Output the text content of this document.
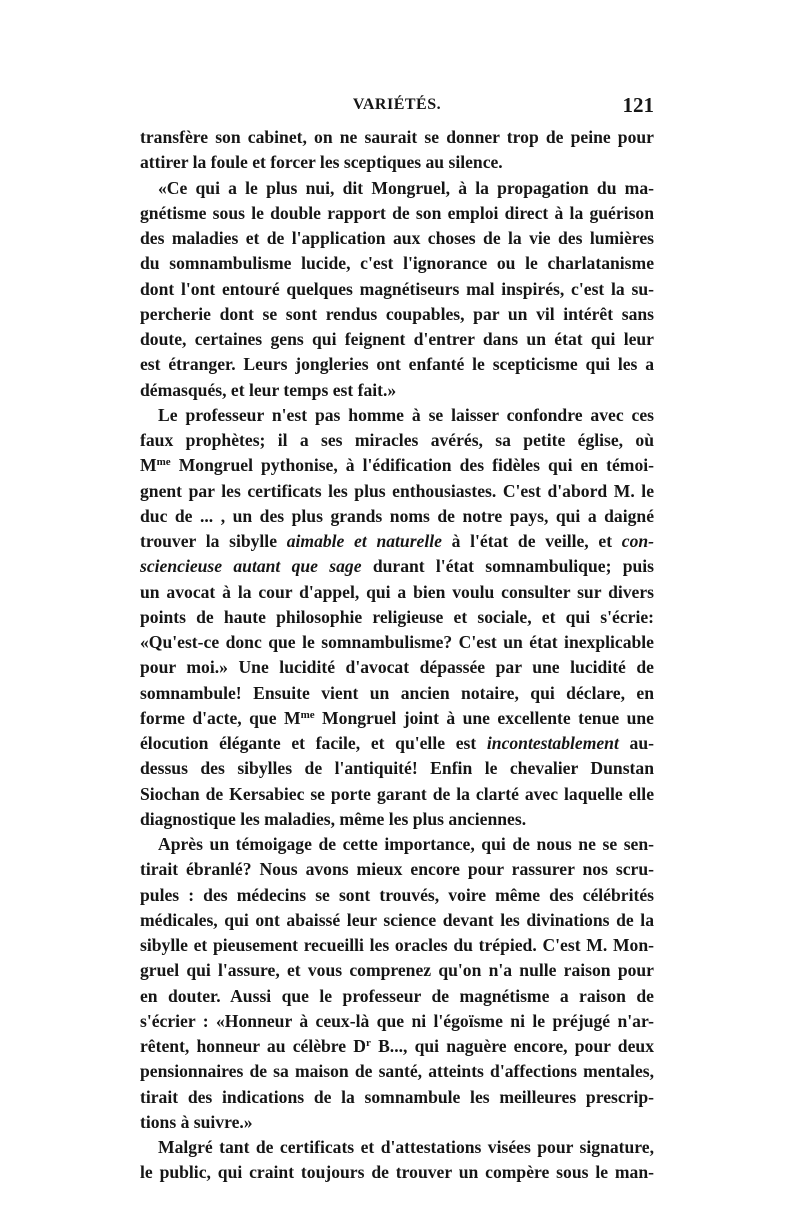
VARIÉTÉS.	121
transfère son cabinet, on ne saurait se donner trop de peine pour
attirer la foule et forcer les sceptiques au silence.
«Ce qui a le plus nui, dit Mongruel, à la propagation du ma-
gnétisme sous le double rapport de son emploi direct à la guérison
des maladies et de l'application aux choses de la vie des lumières
du somnambulisme lucide, c'est l'ignorance ou le charlatanisme
dont l'ont entouré quelques magnétiseurs mal inspirés, c'est la su-
percherie dont se sont rendus coupables, par un vil intérêt sans
doute, certaines gens qui feignent d'entrer dans un état qui leur
est étranger. Leurs jongleries ont enfanté le scepticisme qui les a
démasqués, et leur temps est fait.»
Le professeur n'est pas homme à se laisser confondre avec ces
faux prophètes; il a ses miracles avérés, sa petite église, où
$M^{me}$ Mongruel pythonise, à l'édification des fidèles qui en témoi-
gnent par les certificats les plus enthousiastes. C'est d'abord M. le
duc de ... , un des plus grands noms de notre pays, qui a daigné
trouver la sibylle aimable et naturelle à l'état de veille, et con-
sciencieuse autant que sage durant l'état somnambulique; puis
un avocat à la cour d'appel, qui a bien voulu consulter sur divers
points de haute philosophie religieuse et sociale, et qui s'écrie:
«Qu'est-ce donc que le somnambulisme? C'est un état inexplicable
pour moi.» Une lucidité d'avocat dépassée par une lucidité de
somnambule! Ensuite vient un ancien notaire, qui déclare, en
forme d'acte, que $M^{me}$ Mongruel joint à une excellente tenue une
élocution élégante et facile, et qu'elle est incontestablement au-
dessus des sibylles de l'antiquité! Enfin le chevalier Dunstan
Siochan de Kersabiec se porte garant de la clarté avec laquelle elle
diagnostique les maladies, même les plus anciennes.
Après un témoigage de cette importance, qui de nous ne se sen-
tirait ébranlé? Nous avons mieux encore pour rassurer nos scru-
pules : des médecins se sont trouvés, voire même des célébrités
médicales, qui ont abaissé leur science devant les divinations de la
sibylle et pieusement recueilli les oracles du trépied. C'est M. Mon-
gruel qui l'assure, et vous comprenez qu'on n'a nulle raison pour
en douter. Aussi que le professeur de magnétisme a raison de
s'écrier : «Honneur à ceux-là que ni l'égoïsme ni le préjugé n'ar-
rêtent, honneur au célèbre $D^r$ B..., qui naguère encore, pour deux
pensionnaires de sa maison de santé, atteints d'affections mentales,
tirait des indications de la somnambule les meilleures prescrip-
tions à suivre.»
Malgré tant de certificats et d'attestations visées pour signature,
le public, qui craint toujours de trouver un compère sous le man-
